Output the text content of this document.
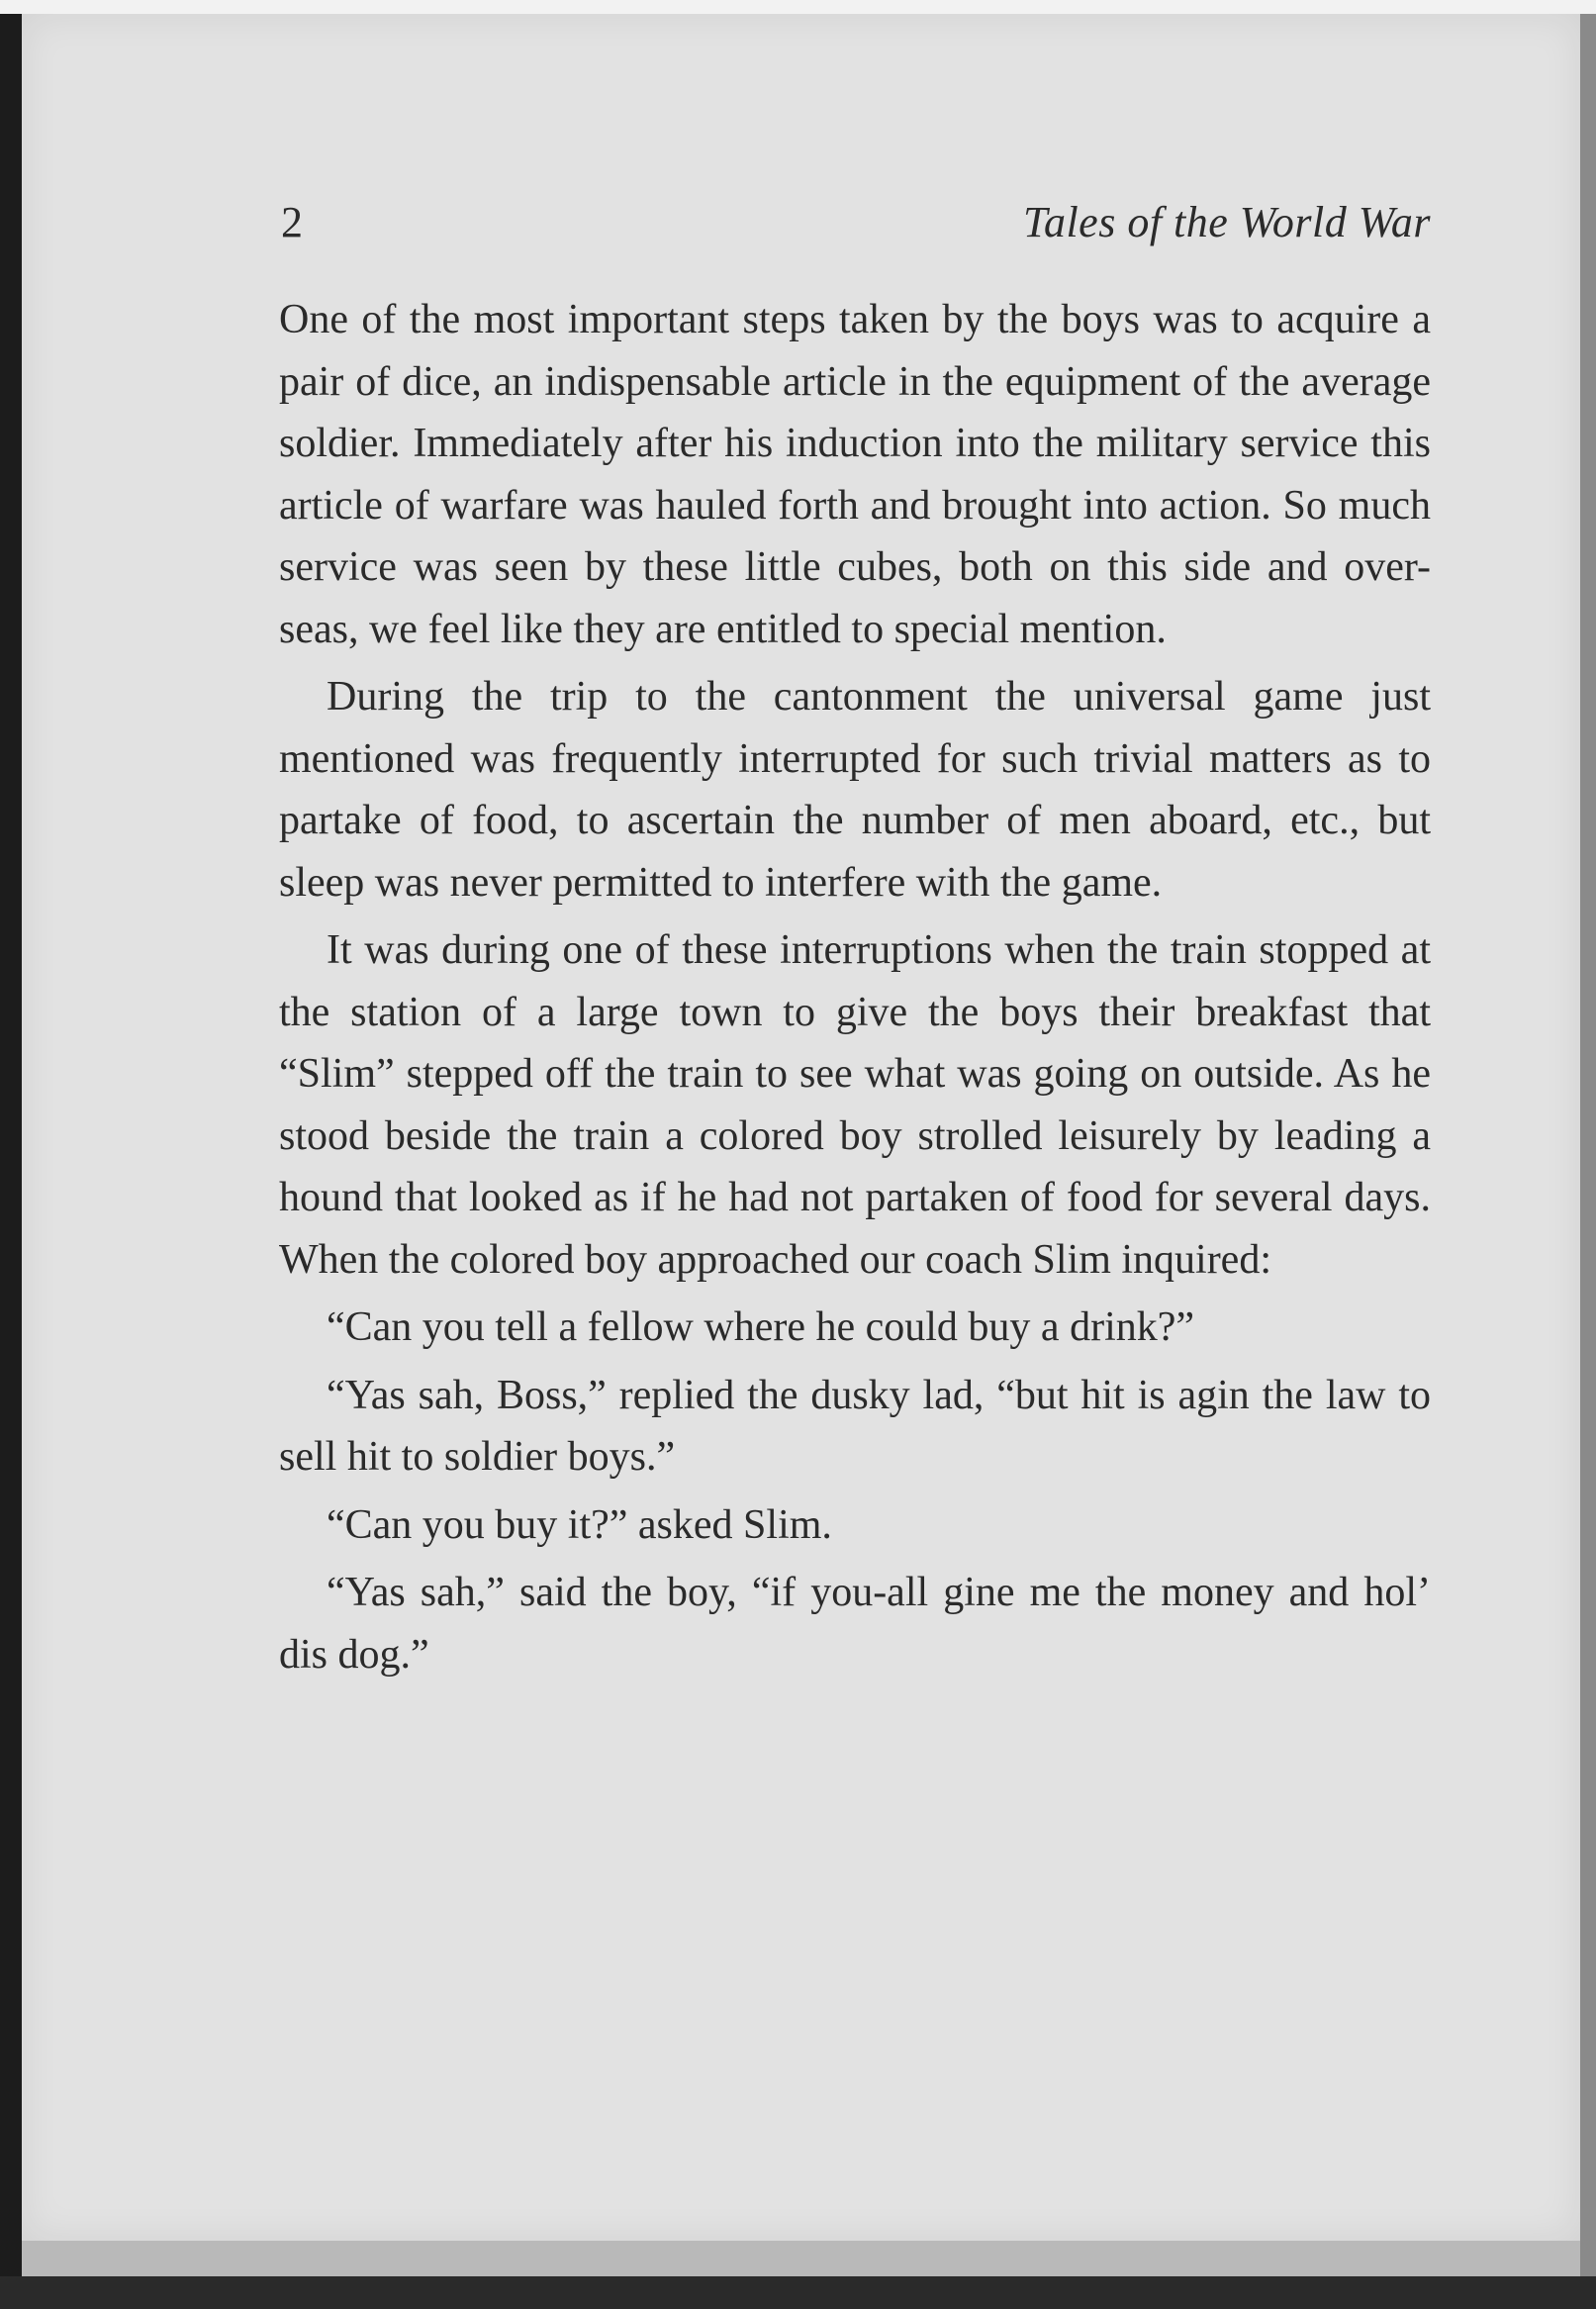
2	Tales of the World War

One of the most important steps taken by the boys was to acquire a pair of dice, an indispensable article in the equipment of the average soldier. Immediately after his induction into the military service this article of warfare was hauled forth and brought into action. So much service was seen by these little cubes, both on this side and over-seas, we feel like they are entitled to special mention.

During the trip to the cantonment the universal game just mentioned was frequently interrupted for such trivial matters as to partake of food, to ascertain the number of men aboard, etc., but sleep was never permitted to interfere with the game.

It was during one of these interruptions when the train stopped at the station of a large town to give the boys their breakfast that “Slim” stepped off the train to see what was going on outside. As he stood beside the train a colored boy strolled leisurely by leading a hound that looked as if he had not partaken of food for several days. When the colored boy approached our coach Slim inquired:

“Can you tell a fellow where he could buy a drink?”

“Yas sah, Boss,” replied the dusky lad, “but hit is agin the law to sell hit to soldier boys.”

“Can you buy it?” asked Slim.

“Yas sah,” said the boy, “if you-all gine me the money and hol’ dis dog.”
